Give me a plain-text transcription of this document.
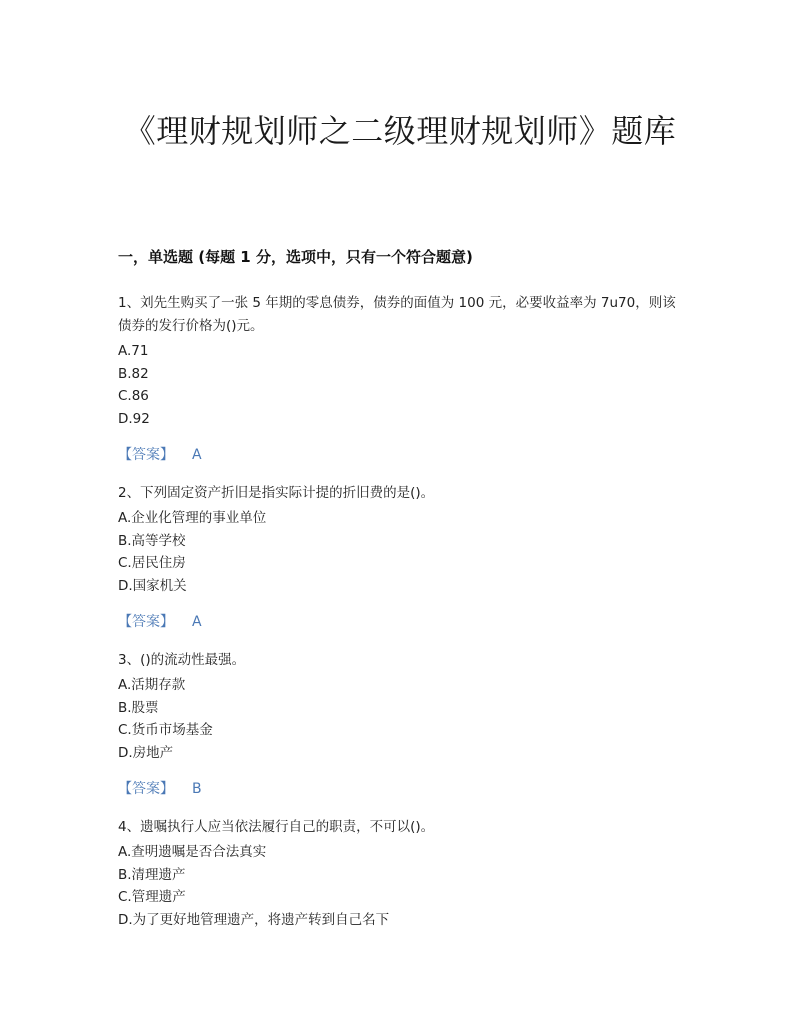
《理财规划师之二级理财规划师》题库
一，单选题 (每题 1 分，选项中，只有一个符合题意)

1、刘先生购买了一张 5 年期的零息债券，债券的面值为 100 元，必要收益率为 7u70，则该债券的发行价格为()元。

A.71

B.82

C.86

D.92

【答案】 A

2、下列固定资产折旧是指实际计提的折旧费的是()。

A.企业化管理的事业单位

B.高等学校

C.居民住房

D.国家机关

【答案】 A

3、()的流动性最强。

A.活期存款

B.股票

C.货币市场基金

D.房地产

【答案】 B

4、遗嘱执行人应当依法履行自己的职责，不可以()。

A.查明遗嘱是否合法真实

B.清理遗产

C.管理遗产

D.为了更好地管理遗产，将遗产转到自己名下
